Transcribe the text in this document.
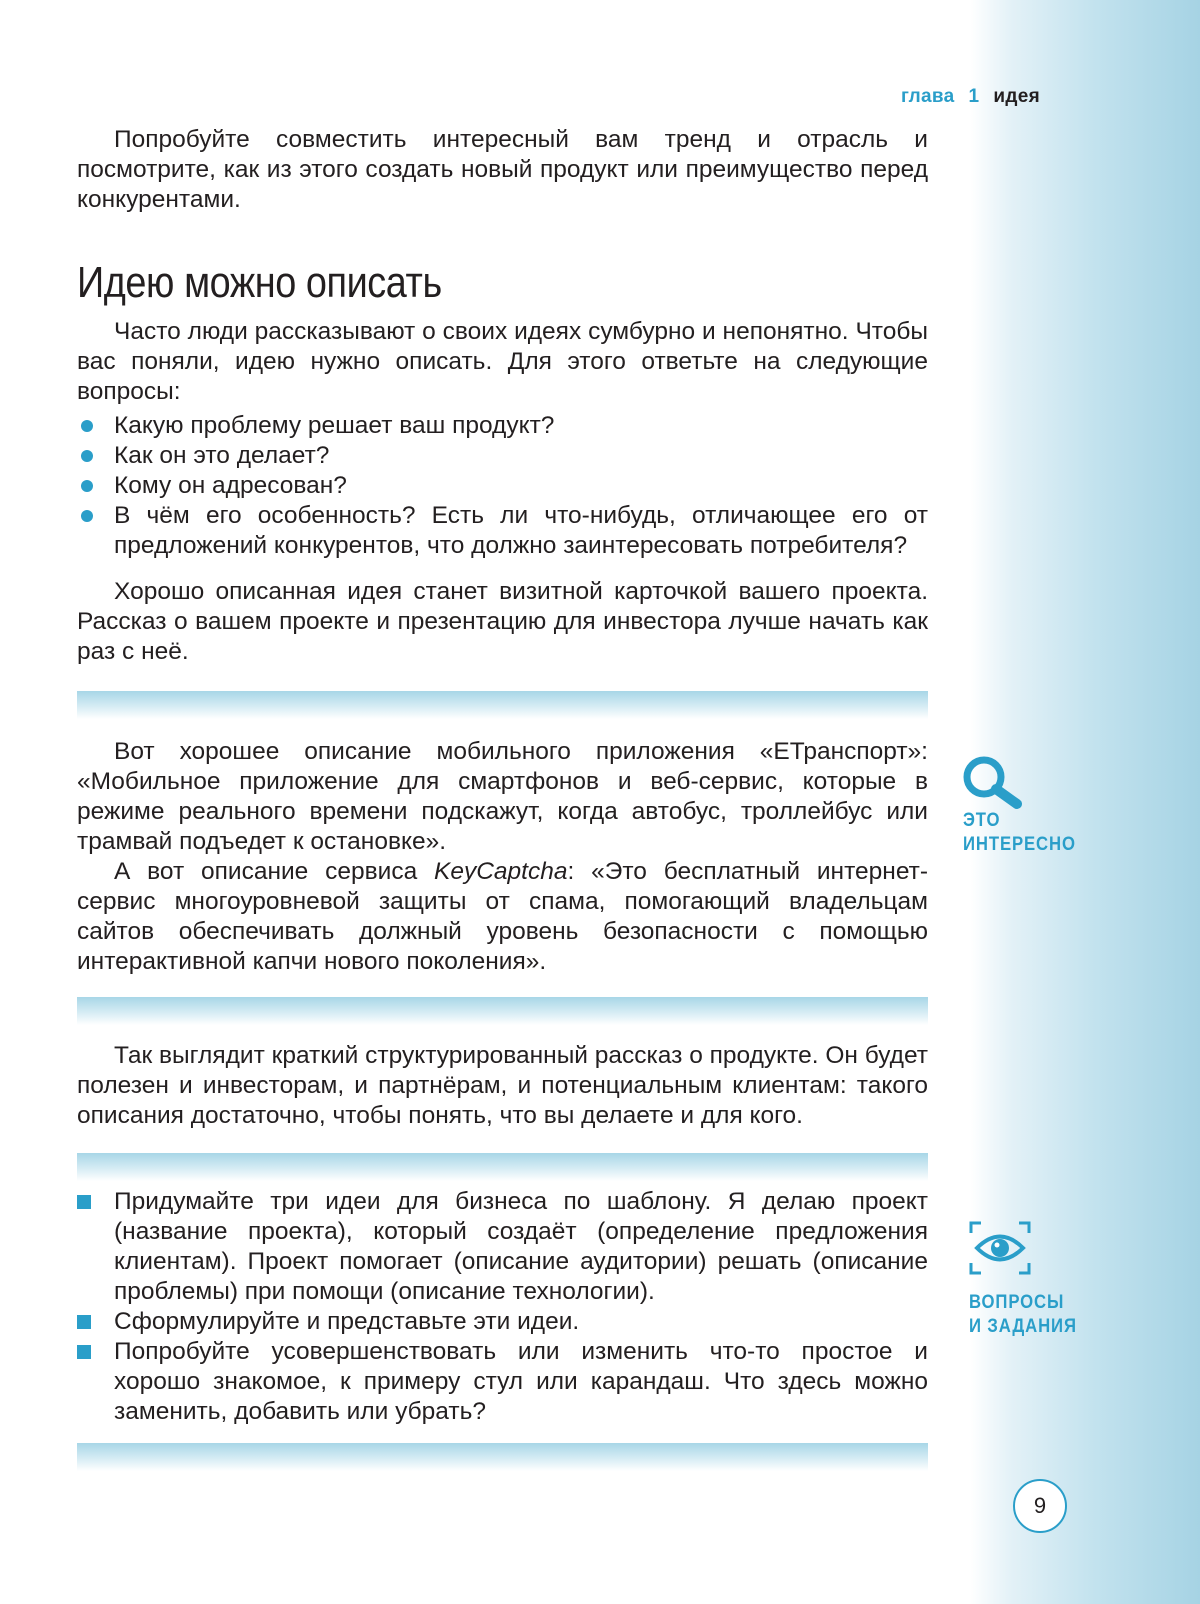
глава 1 идея

Попробуйте совместить интересный вам тренд и отрасль и посмотрите, как из этого создать новый продукт или преимущество перед конкурентами.

Идею можно описать

Часто люди рассказывают о своих идеях сумбурно и непонятно. Чтобы вас поняли, идею нужно описать. Для этого ответьте на следующие вопросы:

Какую проблему решает ваш продукт?
Как он это делает?
Кому он адресован?
В чём его особенность? Есть ли что-нибудь, отличающее его от предложений конкурентов, что должно заинтересовать потребителя?

Хорошо описанная идея станет визитной карточкой вашего проекта. Рассказ о вашем проекте и презентацию для инвестора лучше начать как раз с неё.

Вот хорошее описание мобильного приложения «ЕТранспорт»: «Мобильное приложение для смартфонов и веб-сервис, которые в режиме реального времени подскажут, когда автобус, троллейбус или трамвай подъедет к остановке».

А вот описание сервиса KeyCaptcha: «Это бесплатный интернет-сервис многоуровневой защиты от спама, помогающий владельцам сайтов обеспечивать должный уровень безопасности с помощью интерактивной капчи нового поколения».

Так выглядит краткий структурированный рассказ о продукте. Он будет полезен и инвесторам, и партнёрам, и потенциальным клиентам: такого описания достаточно, чтобы понять, что вы делаете и для кого.

Придумайте три идеи для бизнеса по шаблону. Я делаю проект (название проекта), который создаёт (определение предложения клиентам). Проект помогает (описание аудитории) решать (описание проблемы) при помощи (описание технологии).
Сформулируйте и представьте эти идеи.
Попробуйте усовершенствовать или изменить что-то простое и хорошо знакомое, к примеру стул или карандаш. Что здесь можно заменить, добавить или убрать?
ЭТО
ИНТЕРЕСНО
ВОПРОСЫ
И ЗАДАНИЯ
9
